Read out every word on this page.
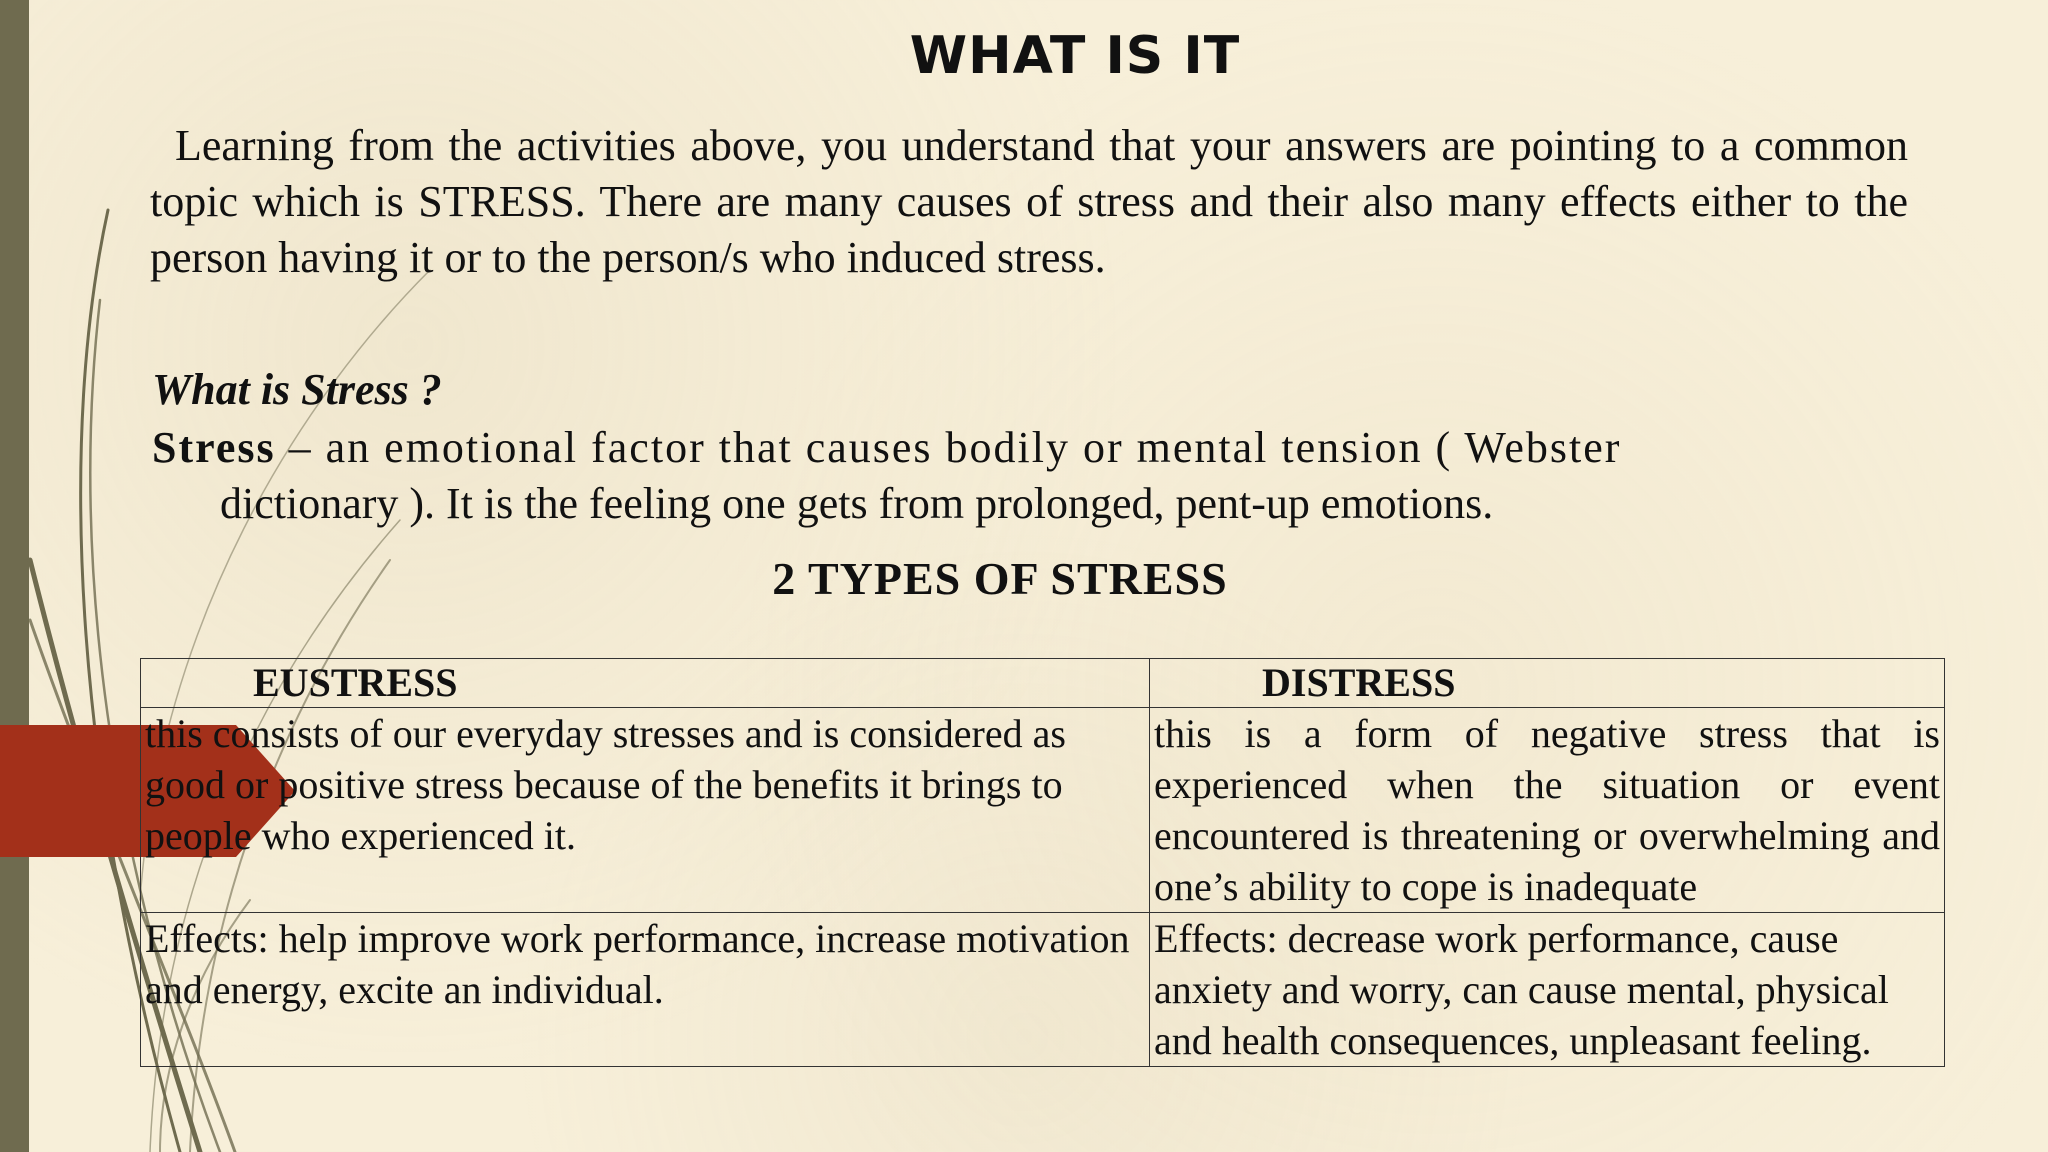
WHAT IS IT

Learning from the activities above, you understand that your answers are pointing to a common topic which is STRESS. There are many causes of stress and their also many effects either to the person having it or to the person/s who induced stress.

What is Stress ?

Stress – an emotional factor that causes bodily or mental tension ( Webster
dictionary ). It is the feeling one gets from prolonged, pent-up emotions.

2 TYPES OF STRESS
EUSTRESS	DISTRESS
this consists of our everyday stresses and is considered as good or positive stress because of the benefits it brings to people who experienced it.	this is a form of negative stress that is experienced when the situation or event encountered is threatening or overwhelming and one’s ability to cope is inadequate
Effects: help improve work performance, increase motivation and energy, excite an individual.	Effects: decrease work performance, cause anxiety and worry, can cause mental, physical and health consequences, unpleasant feeling.
